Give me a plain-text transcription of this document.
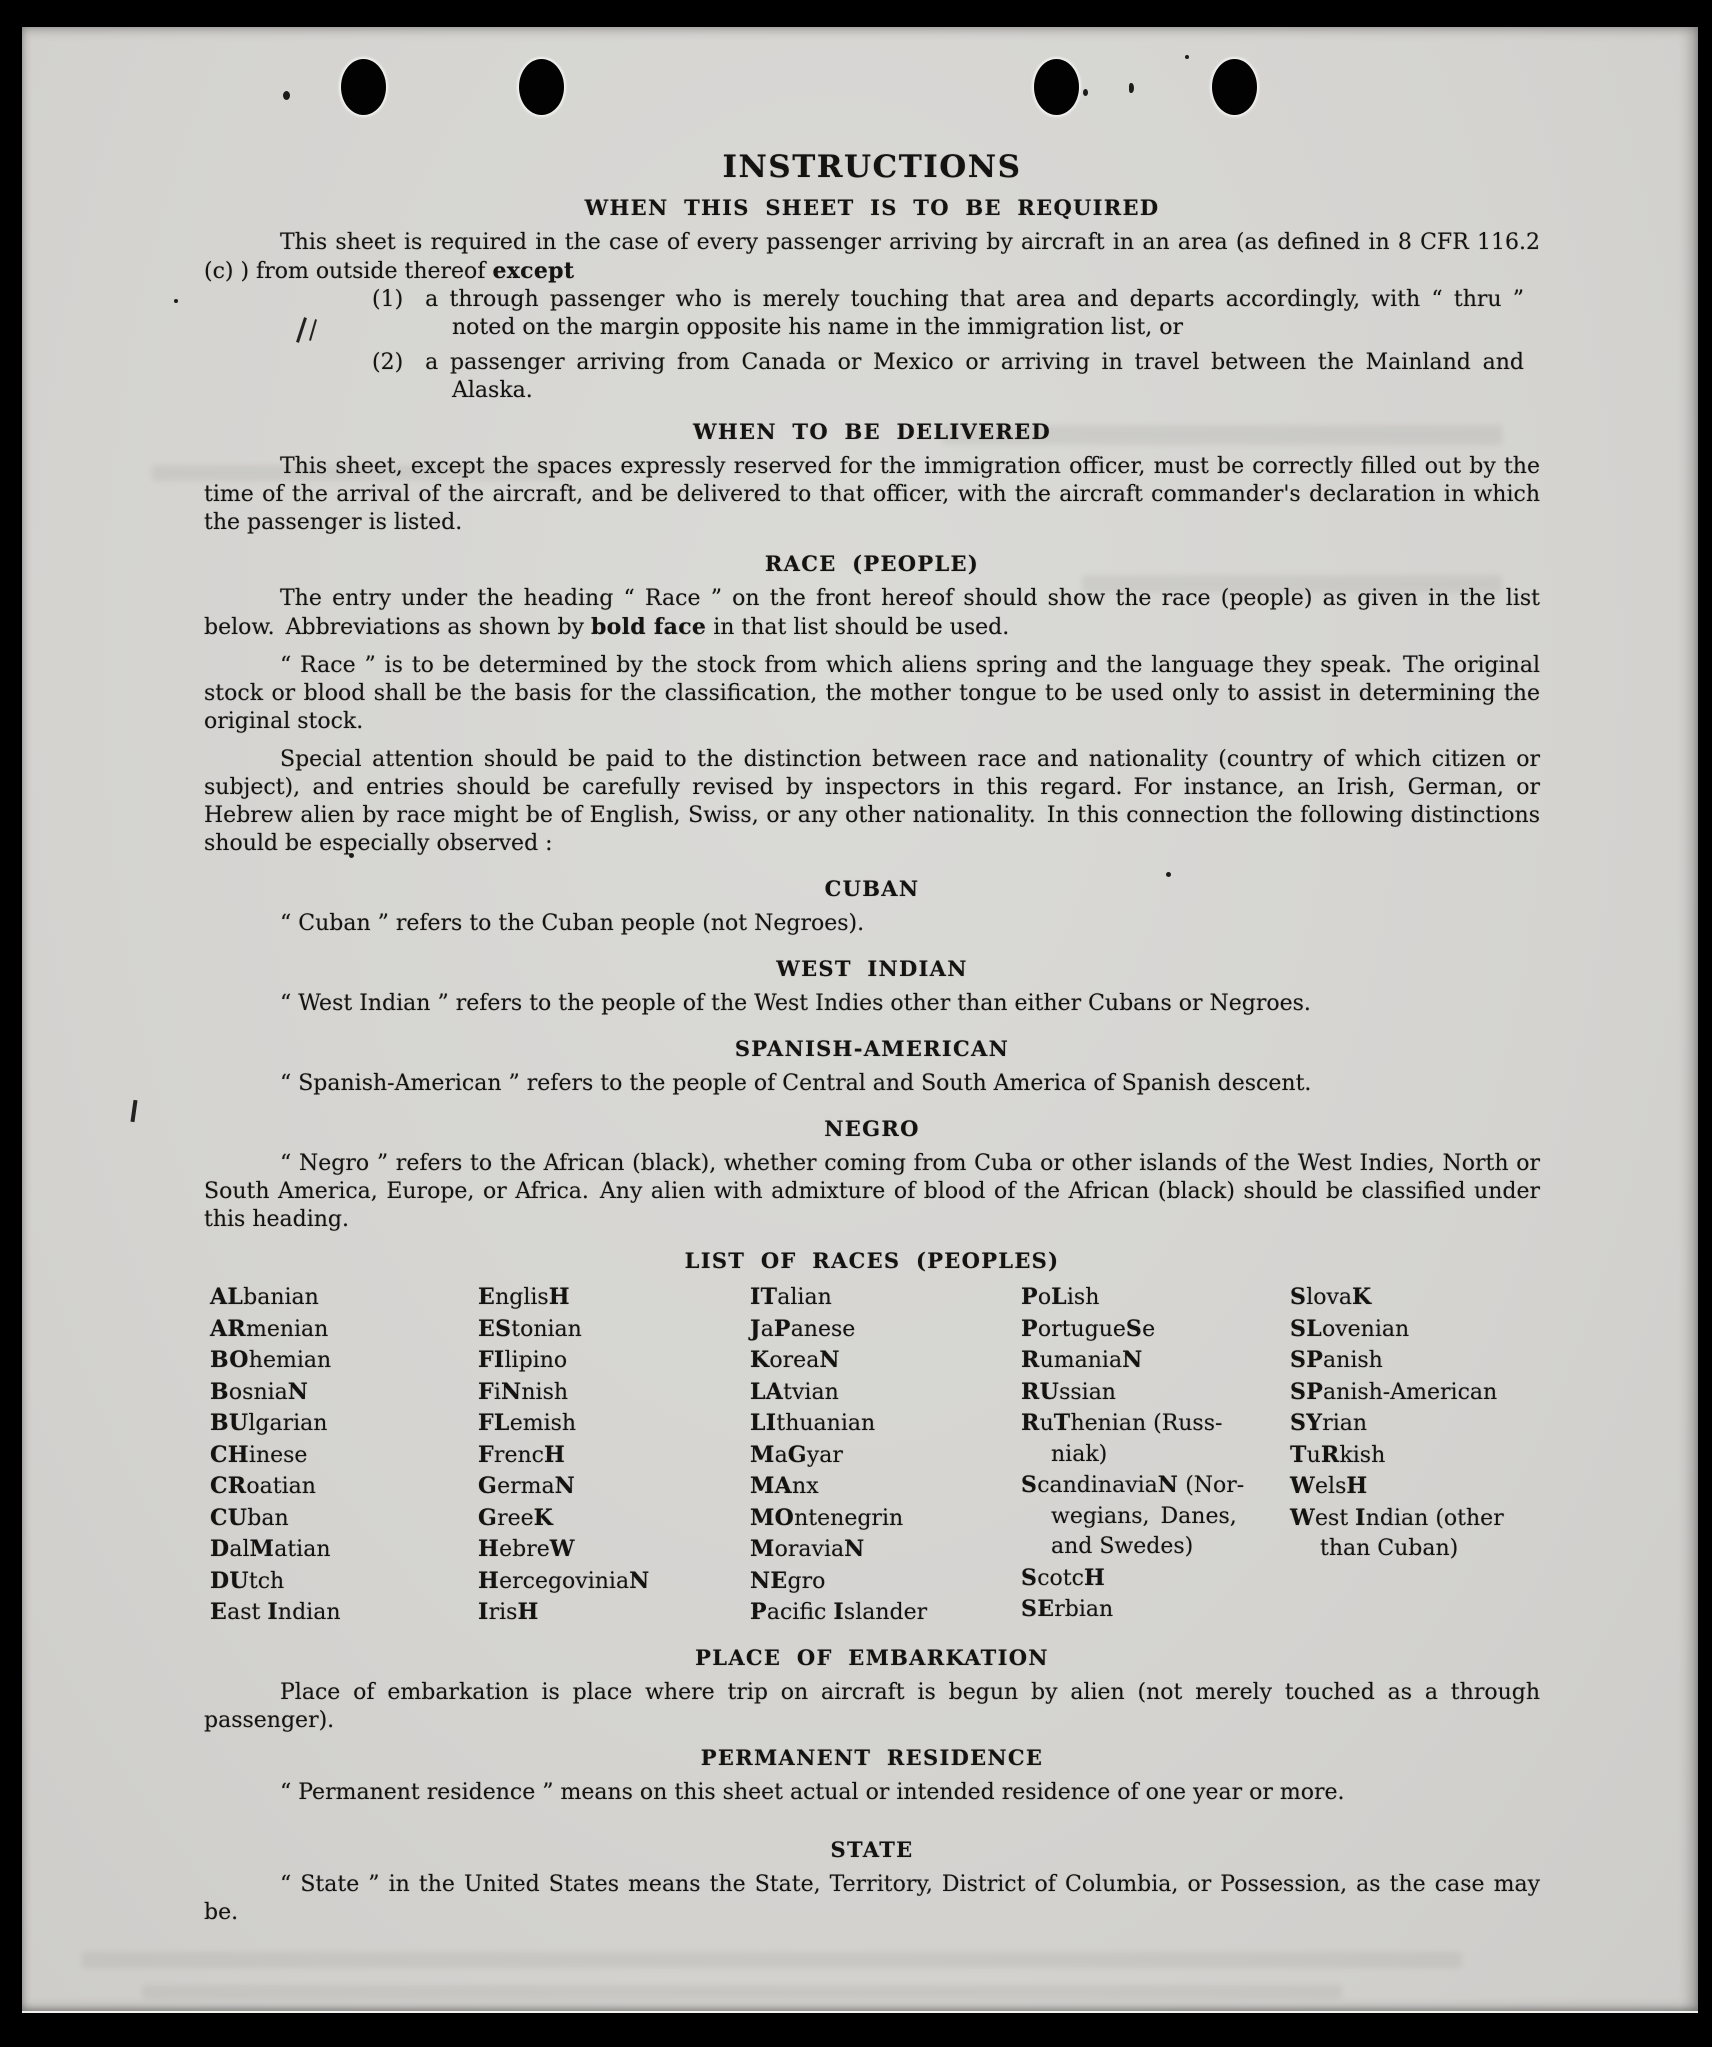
INSTRUCTIONS
WHEN THIS SHEET IS TO BE REQUIRED

This sheet is required in the case of every passenger arriving by aircraft in an area (as defined in 8 CFR 116.2 (c) ) from outside thereof except

(1)  a through passenger who is merely touching that area and departs accordingly, with “ thru ” noted on the margin opposite his name in the immigration list, or
(2)  a passenger arriving from Canada or Mexico or arriving in travel between the Mainland and Alaska.
WHEN TO BE DELIVERED

This sheet, except the spaces expressly reserved for the immigration officer, must be correctly filled out by the time of the arrival of the aircraft, and be delivered to that officer, with the aircraft commander's declaration in which the passenger is listed.

RACE (PEOPLE)

The entry under the heading “ Race ” on the front hereof should show the race (people) as given in the list below. Abbreviations as shown by bold face in that list should be used.

“ Race ” is to be determined by the stock from which aliens spring and the language they speak. The original stock or blood shall be the basis for the classification, the mother tongue to be used only to assist in determining the original stock.

Special attention should be paid to the distinction between race and nationality (country of which citizen or subject), and entries should be carefully revised by inspectors in this regard. For instance, an Irish, German, or Hebrew alien by race might be of English, Swiss, or any other nationality. In this connection the following distinctions should be especially observed :

CUBAN

“ Cuban ” refers to the Cuban people (not Negroes).

WEST INDIAN

“ West Indian ” refers to the people of the West Indies other than either Cubans or Negroes.

SPANISH-AMERICAN

“ Spanish-American ” refers to the people of Central and South America of Spanish descent.

NEGRO

“ Negro ” refers to the African (black), whether coming from Cuba or other islands of the West Indies, North or South America, Europe, or Africa. Any alien with admixture of blood of the African (black) should be classified under this heading.

LIST OF RACES (PEOPLES)
ALbanian
ARmenian
BOhemian
BosniaN
BUlgarian
CHinese
CRoatian
CUban
DalMatian
DUtch
East Indian
EnglisH
EStonian
FIlipino
FiNnish
FLemish
FrencH
GermaN
GreeK
HebreW
HercegoviniaN
IrisH
ITalian
JaPanese
KoreaN
LAtvian
LIthuanian
MaGyar
MAnx
MOntenegrin
MoraviaN
NEgro
Pacific Islander
PoLish
PortugueSe
RumaniaN
RUssian
RuThenian (Russ-
niak)
ScandinaviaN (Nor-
wegians, Danes,
and Swedes)
ScotcH
SErbian
SlovaK
SLovenian
SPanish
SPanish-American
SYrian
TuRkish
WelsH
West Indian (other
than Cuban)
PLACE OF EMBARKATION

Place of embarkation is place where trip on aircraft is begun by alien (not merely touched as a through passenger).

PERMANENT RESIDENCE

“ Permanent residence ” means on this sheet actual or intended residence of one year or more.

STATE

“ State ” in the United States means the State, Territory, District of Columbia, or Possession, as the case may be.
